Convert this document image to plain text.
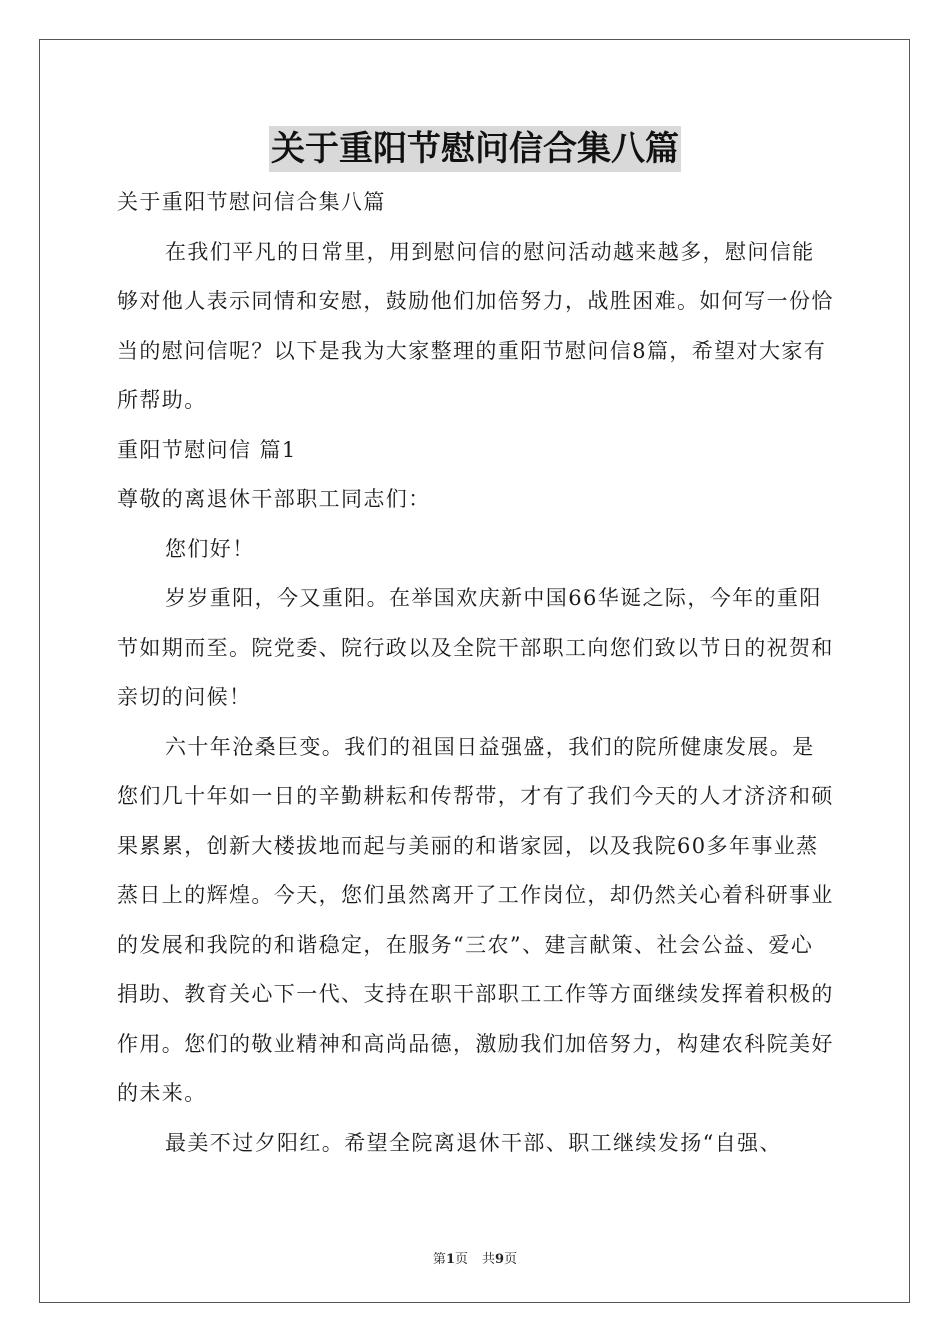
关于重阳节慰问信合集八篇

关于重阳节慰问信合集八篇

在我们平凡的日常里，用到慰问信的慰问活动越来越多，慰问信能够对他人表示同情和安慰，鼓励他们加倍努力，战胜困难。如何写一份恰当的慰问信呢？以下是我为大家整理的重阳节慰问信8篇，希望对大家有所帮助。

重阳节慰问信 篇1

尊敬的离退休干部职工同志们：

您们好！

岁岁重阳，今又重阳。在举国欢庆新中国66华诞之际，今年的重阳节如期而至。院党委、院行政以及全院干部职工向您们致以节日的祝贺和亲切的问候！

六十年沧桑巨变。我们的祖国日益强盛，我们的院所健康发展。是您们几十年如一日的辛勤耕耘和传帮带，才有了我们今天的人才济济和硕果累累，创新大楼拔地而起与美丽的和谐家园，以及我院60多年事业蒸蒸日上的辉煌。今天，您们虽然离开了工作岗位，却仍然关心着科研事业的发展和我院的和谐稳定，在服务“三农”、建言献策、社会公益、爱心捐助、教育关心下一代、支持在职干部职工工作等方面继续发挥着积极的作用。您们的敬业精神和高尚品德，激励我们加倍努力，构建农科院美好的未来。

最美不过夕阳红。希望全院离退休干部、职工继续发扬“自强、

第1页 共9页
